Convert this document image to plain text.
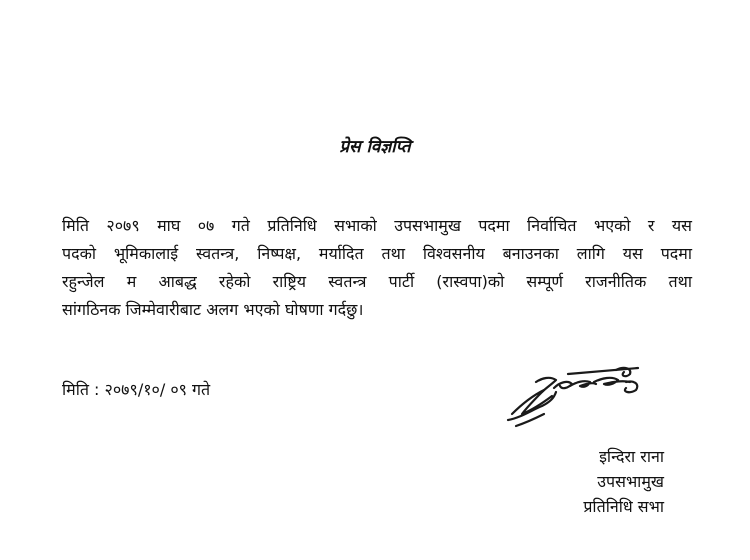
प्रेस विज्ञप्ति
मिति २०७९ माघ ०७ गते प्रतिनिधि सभाको उपसभामुख पदमा निर्वाचित भएको र यस
पदको भूमिकालाई स्वतन्त्र, निष्पक्ष, मर्यादित तथा विश्वसनीय बनाउनका लागि यस पदमा
रहुन्जेल म आबद्ध रहेको राष्ट्रिय स्वतन्त्र पार्टी (रास्वपा)को सम्पूर्ण राजनीतिक तथा
सांगठिनक जिम्मेवारीबाट अलग भएको घोषणा गर्दछु।
मिति : २०७९/१०/ ०९ गते
इन्दिरा राना
उपसभामुख
प्रतिनिधि सभा
